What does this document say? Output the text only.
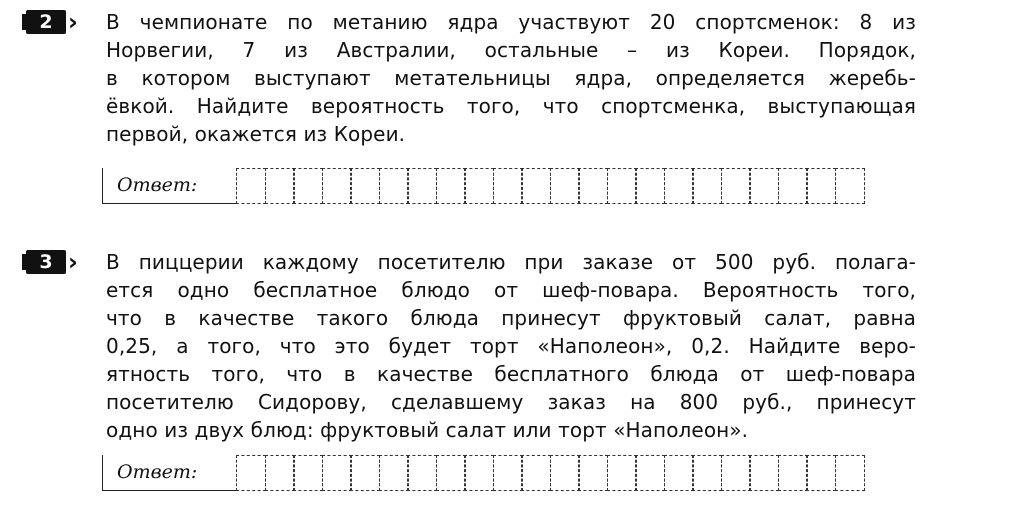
2 › В чемпионате по метанию ядра участвуют 20 спортсменок: 8 из
Норвегии, 7 из Австралии, остальные – из Кореи. Порядок,
в котором выступают метательницы ядра, определяется жеребь-
ёвкой. Найдите вероятность того, что спортсменка, выступающая
первой, окажется из Кореи.
Ответ:
3 › В пиццерии каждому посетителю при заказе от 500 руб. полага-
ется одно бесплатное блюдо от шеф-повара. Вероятность того,
что в качестве такого блюда принесут фруктовый салат, равна
0,25, а того, что это будет торт «Наполеон», 0,2. Найдите веро-
ятность того, что в качестве бесплатного блюда от шеф-повара
посетителю Сидорову, сделавшему заказ на 800 руб., принесут
одно из двух блюд: фруктовый салат или торт «Наполеон».
Ответ:
